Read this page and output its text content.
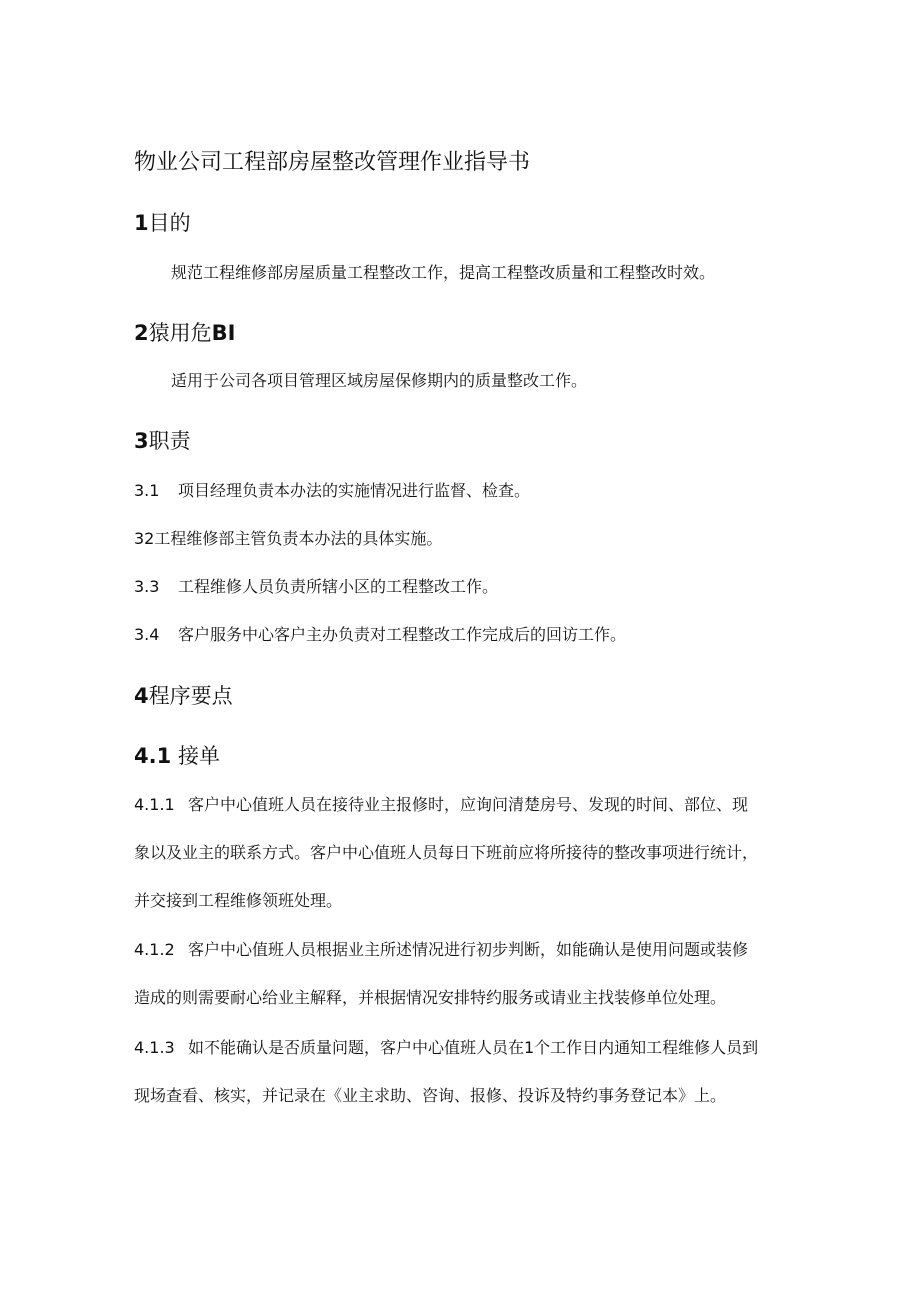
物业公司工程部房屋整改管理作业指导书
1目的
规范工程维修部房屋质量工程整改工作，提高工程整改质量和工程整改时效。
2猿用危BI
适用于公司各项目管理区域房屋保修期内的质量整改工作。
3职责
3.1 项目经理负责本办法的实施情况进行监督、检查。
32工程维修部主管负责本办法的具体实施。
3.3 工程维修人员负责所辖小区的工程整改工作。
3.4 客户服务中心客户主办负责对工程整改工作完成后的回访工作。
4程序要点
4.1 接单
4.1.1 客户中心值班人员在接待业主报修时，应询问清楚房号、发现的时间、部位、现
象以及业主的联系方式。客户中心值班人员每日下班前应将所接待的整改事项进行统计，
并交接到工程维修领班处理。
4.1.2 客户中心值班人员根据业主所述情况进行初步判断，如能确认是使用问题或装修
造成的则需要耐心给业主解释，并根据情况安排特约服务或请业主找装修单位处理。
4.1.3 如不能确认是否质量问题，客户中心值班人员在1个工作日内通知工程维修人员到
现场查看、核实，并记录在《业主求助、咨询、报修、投诉及特约事务登记本》上。
